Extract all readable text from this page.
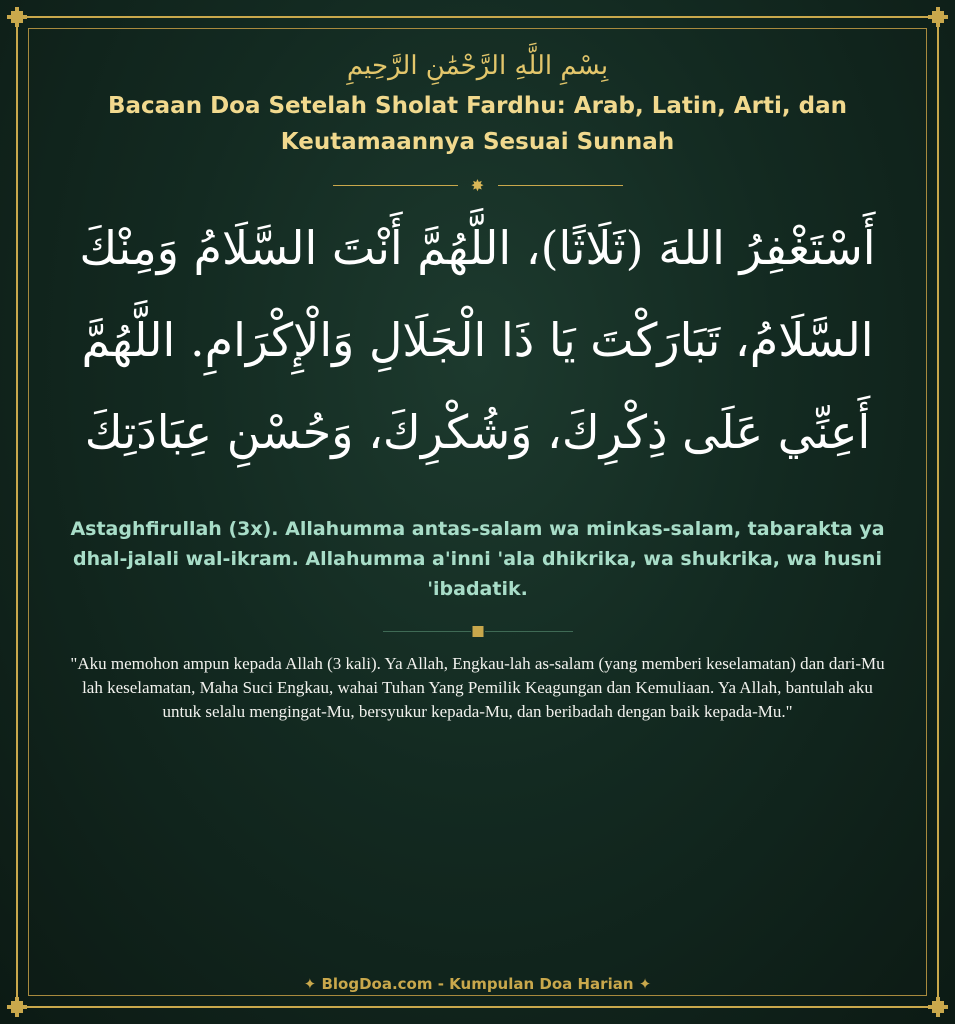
بِسْمِ اللَّهِ الرَّحْمَٰنِ الرَّحِيمِ
Bacaan Doa Setelah Sholat Fardhu: Arab, Latin, Arti, dan Keutamaannya Sesuai Sunnah
✸
أَسْتَغْفِرُ اللهَ (ثَلَاثًا)، اللَّهُمَّ أَنْتَ السَّلَامُ وَمِنْكَ السَّلَامُ، تَبَارَكْتَ يَا ذَا الْجَلَالِ وَالْإِكْرَامِ. اللَّهُمَّ أَعِنِّي عَلَى ذِكْرِكَ، وَشُكْرِكَ، وَحُسْنِ عِبَادَتِكَ
Astaghfirullah (3x). Allahumma antas-salam wa minkas-salam, tabarakta ya dhal-jalali wal-ikram. Allahumma a'inni 'ala dhikrika, wa shukrika, wa husni 'ibadatik.
"Aku memohon ampun kepada Allah (3 kali). Ya Allah, Engkau-lah as-salam (yang memberi keselamatan) dan dari-Mu lah keselamatan, Maha Suci Engkau, wahai Tuhan Yang Pemilik Keagungan dan Kemuliaan. Ya Allah, bantulah aku untuk selalu mengingat-Mu, bersyukur kepada-Mu, dan beribadah dengan baik kepada-Mu."
✦ BlogDoa.com - Kumpulan Doa Harian ✦
